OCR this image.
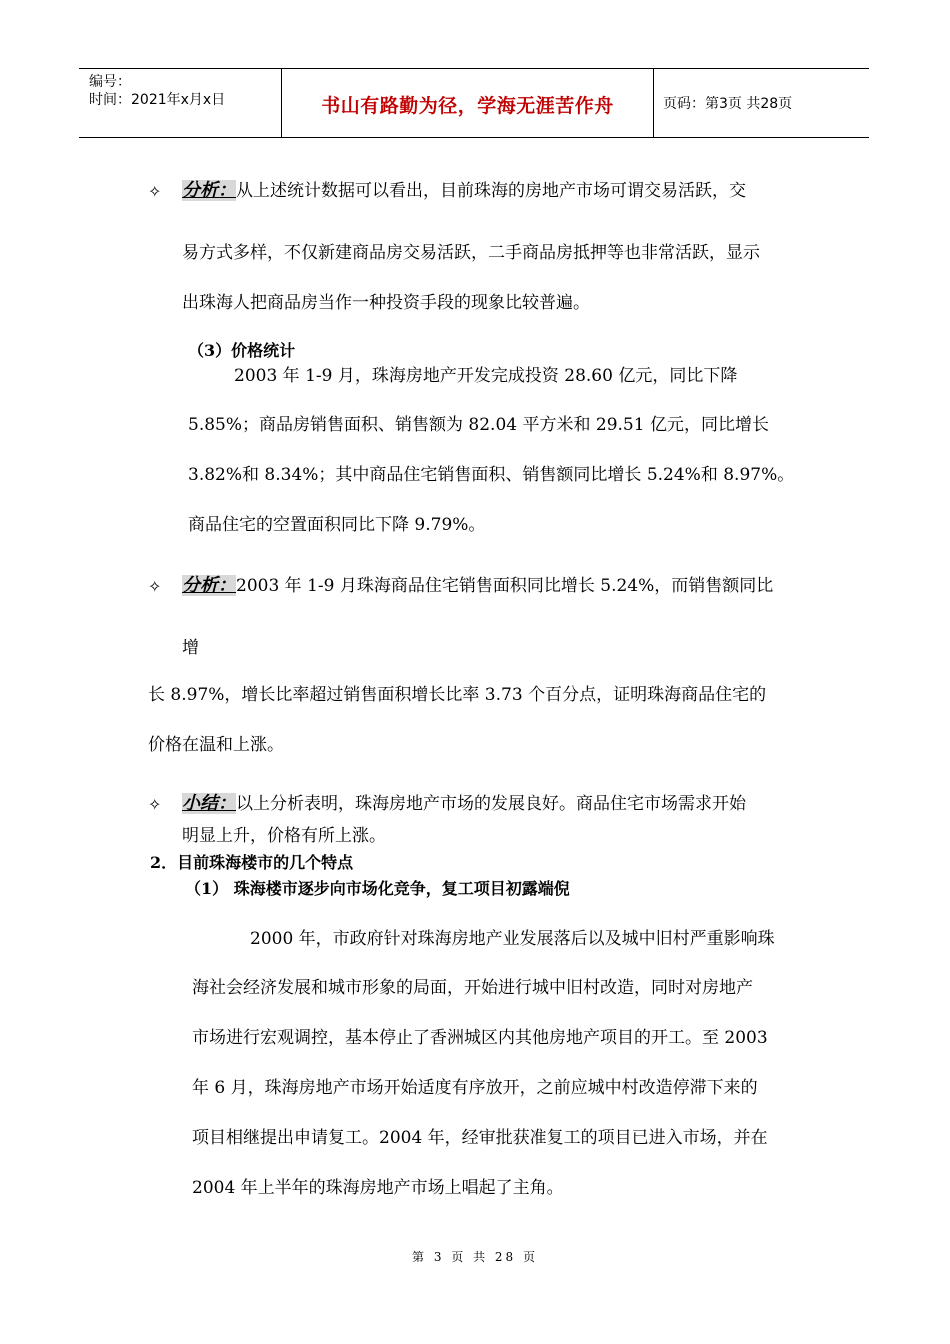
编号：
时间：2021年x月x日	书山有路勤为径，学海无涯苦作舟	页码：第3页 共28页
✧ 分析：从上述统计数据可以看出，目前珠海的房地产市场可谓交易活跃，交
易方式多样，不仅新建商品房交易活跃，二手商品房抵押等也非常活跃，显示
出珠海人把商品房当作一种投资手段的现象比较普遍。
（3）价格统计
2003 年 1-9 月，珠海房地产开发完成投资 28.60 亿元，同比下降
5.85%；商品房销售面积、销售额为 82.04 平方米和 29.51 亿元，同比增长
3.82%和 8.34%；其中商品住宅销售面积、销售额同比增长 5.24%和 8.97%。
商品住宅的空置面积同比下降 9.79%。
✧ 分析：2003 年 1-9 月珠海商品住宅销售面积同比增长 5.24%，而销售额同比
增
长 8.97%，增长比率超过销售面积增长比率 3.73 个百分点，证明珠海商品住宅的
价格在温和上涨。
✧ 小结：以上分析表明，珠海房地产市场的发展良好。商品住宅市场需求开始
明显上升，价格有所上涨。
2．目前珠海楼市的几个特点
（1） 珠海楼市逐步向市场化竞争，复工项目初露端倪
2000 年，市政府针对珠海房地产业发展落后以及城中旧村严重影响珠
海社会经济发展和城市形象的局面，开始进行城中旧村改造，同时对房地产
市场进行宏观调控，基本停止了香洲城区内其他房地产项目的开工。至 2003
年 6 月，珠海房地产市场开始适度有序放开，之前应城中村改造停滞下来的
项目相继提出申请复工。2004 年，经审批获准复工的项目已进入市场，并在
2004 年上半年的珠海房地产市场上唱起了主角。
第 3 页 共 28 页
